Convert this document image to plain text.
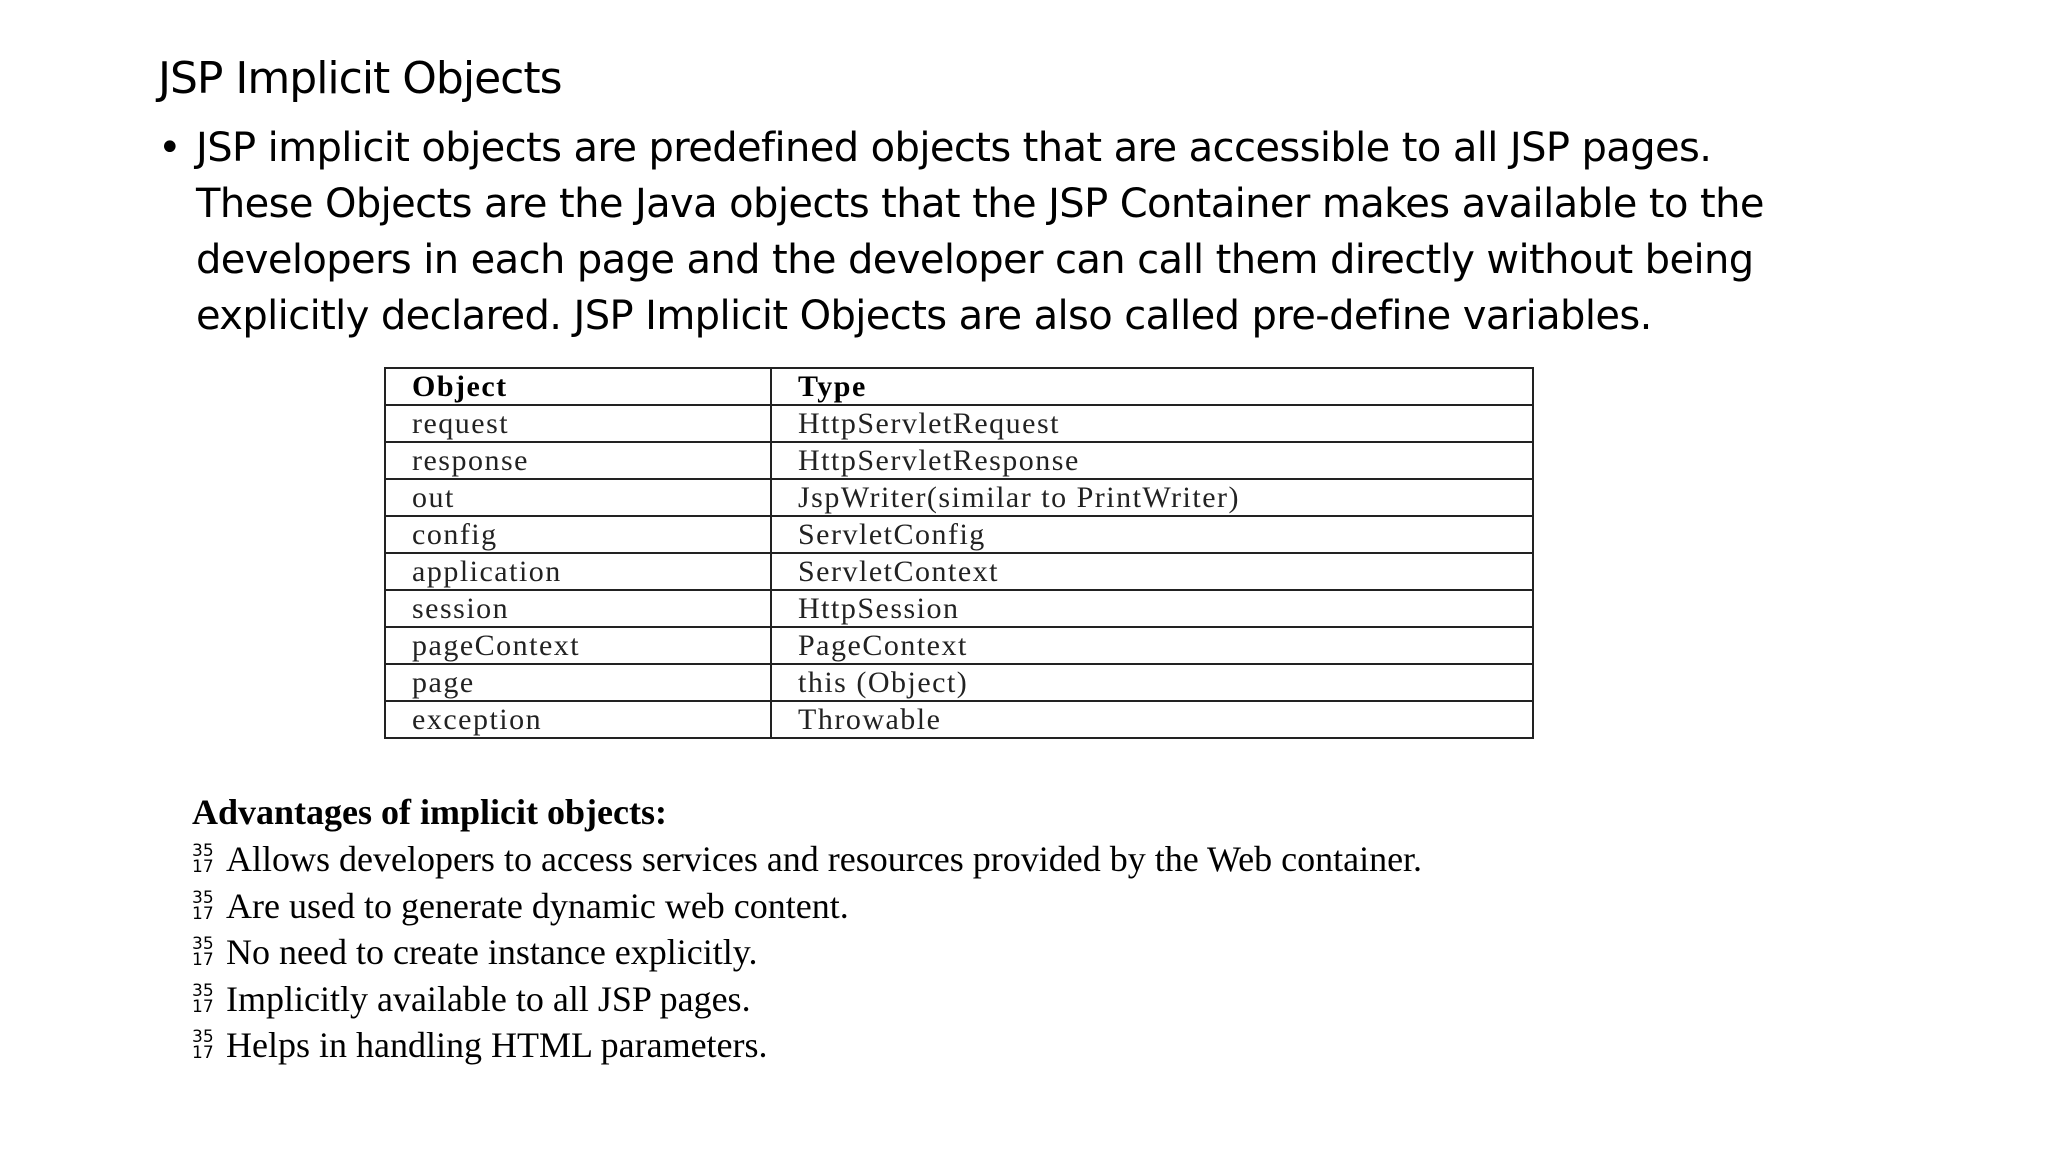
JSP Implicit Objects
• JSP implicit objects are predefined objects that are accessible to all JSP pages.
These Objects are the Java objects that the JSP Container makes available to the
developers in each page and the developer can call them directly without being
explicitly declared. JSP Implicit Objects are also called pre-define variables.
Object	Type
request	HttpServletRequest
response	HttpServletResponse
out	JspWriter(similar to PrintWriter)
config	ServletConfig
application	ServletContext
session	HttpSession
pageContext	PageContext
page	this (Object)
exception	Throwable

Advantages of implicit objects:

35
17 Allows developers to access services and resources provided by the Web container.
35
17 Are used to generate dynamic web content.
35
17 No need to create instance explicitly.
35
17 Implicitly available to all JSP pages.
35
17 Helps in handling HTML parameters.
